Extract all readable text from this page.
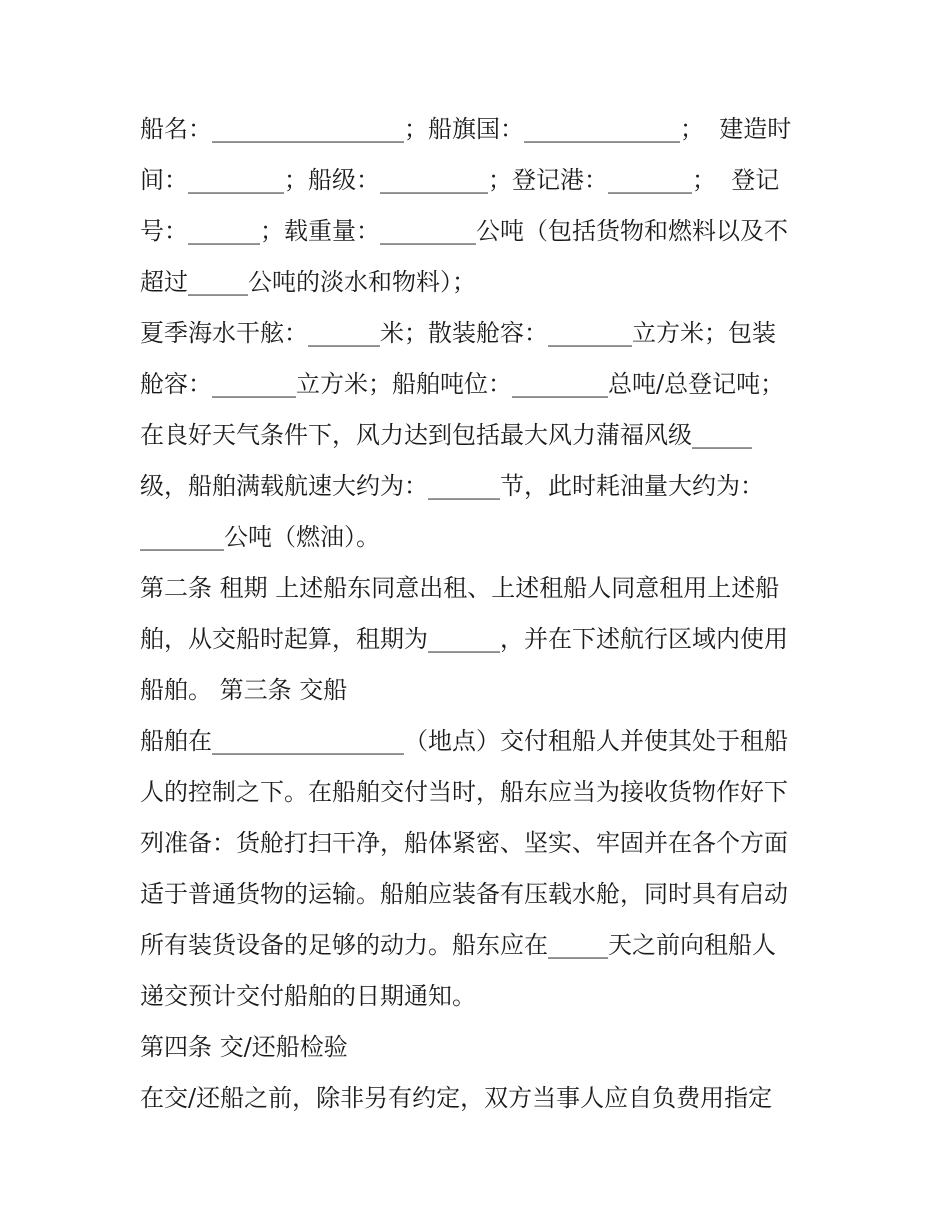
船名：________________；船旗国：_____________；  建造时
间：________；船级：_________；登记港：_______；  登记
号：______；载重量：________公吨（包括货物和燃料以及不
超过_____公吨的淡水和物料）；
夏季海水干舷：______米；散装舱容：_______立方米；包装
舱容：_______立方米；船舶吨位：________总吨/总登记吨；
在良好天气条件下，风力达到包括最大风力蒲福风级_____
级，船舶满载航速大约为：______节，此时耗油量大约为：
_______公吨（燃油）。
第二条 租期 上述船东同意出租、上述租船人同意租用上述船
舶，从交船时起算，租期为______，并在下述航行区域内使用
船舶。 第三条 交船
船舶在________________（地点）交付租船人并使其处于租船
人的控制之下。在船舶交付当时，船东应当为接收货物作好下
列准备：货舱打扫干净，船体紧密、坚实、牢固并在各个方面
适于普通货物的运输。船舶应装备有压载水舱，同时具有启动
所有装货设备的足够的动力。船东应在_____天之前向租船人
递交预计交付船舶的日期通知。
第四条 交/还船检验
在交/还船之前，除非另有约定，双方当事人应自负费用指定
